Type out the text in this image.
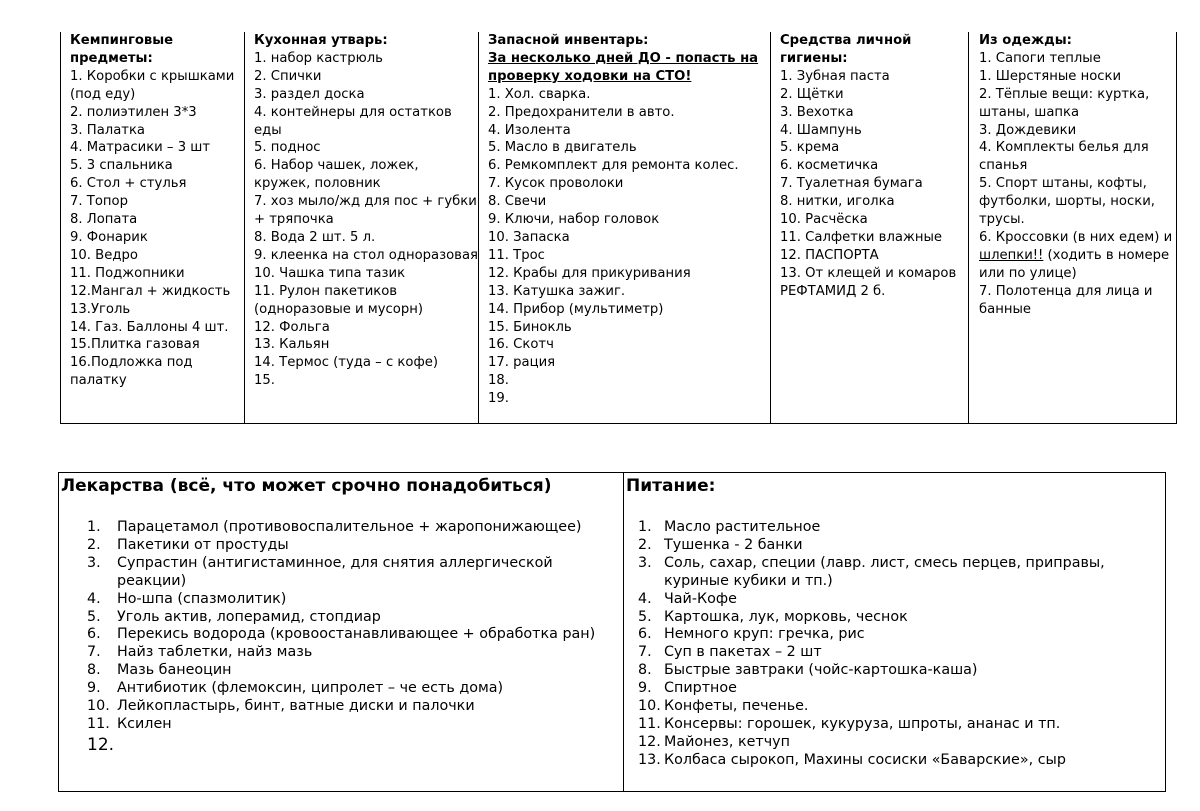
Кемпинговые предметы:
1. Коробки с крышками (под еду)
2. полиэтилен 3*3
3. Палатка
4. Матрасики – 3 шт
5. 3 спальника
6. Стол + стулья
7. Топор
8. Лопата
9. Фонарик
10. Ведро
11. Поджопники
12.Мангал + жидкость
13.Уголь
14. Газ. Баллоны 4 шт.
15.Плитка газовая
16.Подложка под палатку

Кухонная утварь:
1. набор кастрюль
2. Спички
3. раздел доска
4. контейнеры для остатков еды
5. поднос
6. Набор чашек, ложек, кружек, половник
7. хоз мыло/жд для пос + губки + тряпочка
8. Вода 2 шт. 5 л.
9. клеенка на стол одноразовая
10. Чашка типа тазик
11. Рулон пакетиков (одноразовые и мусорн)
12. Фольга
13. Кальян
14. Термос (туда – с кофе)
15.

Запасной инвентарь:
За несколько дней ДО - попасть на проверку ходовки на СТО!
1. Хол. сварка.
2. Предохранители в авто.
4. Изолента
5. Масло в двигатель
6. Ремкомплект для ремонта колес.
7. Кусок проволоки
8. Свечи
9. Ключи, набор головок
10. Запаска
11. Трос
12. Крабы для прикуривания
13. Катушка зажиг.
14. Прибор (мультиметр)
15. Бинокль
16. Скотч
17. рация
18.
19.

Средства личной гигиены:
1. Зубная паста
2. Щётки
3. Вехотка
4. Шампунь
5. крема
6. косметичка
7. Туалетная бумага
8. нитки, иголка
10. Расчёска
11. Салфетки влажные
12. ПАСПОРТА
13. От клещей и комаров РЕФТАМИД 2 б.

Из одежды:
1. Сапоги теплые
1. Шерстяные носки
2. Тёплые вещи: куртка, штаны, шапка
3. Дождевики
4. Комплекты белья для спанья
5. Спорт штаны, кофты, футболки, шорты, носки, трусы.
6. Кроссовки (в них едем) и шлепки!! (ходить в номере или по улице)
7. Полотенца для лица и банные
Лекарства (всё, что может срочно понадобиться)
1.	Парацетамол (противовоспалительное + жаропонижающее)
2.	Пакетики от простуды
3.	Супрастин (антигистаминное, для снятия аллергической реакции)
4.	Но-шпа (спазмолитик)
5.	Уголь актив, лоперамид, стопдиар
6.	Перекись водорода (кровоостанавливающее + обработка ран)
7.	Найз таблетки, найз мазь
8.	Мазь банеоцин
9.	Антибиотик (флемоксин, ципролет – че есть дома)
10. Лейкопластырь, бинт, ватные диски и палочки
11. Ксилен
12.
Питание:
1. Масло растительное
2. Тушенка - 2 банки
3. Соль, сахар, специи (лавр. лист, смесь перцев, приправы, куриные кубики и тп.)
4. Чай-Кофе
5. Картошка, лук, морковь, чеснок
6. Немного круп: гречка, рис
7. Суп в пакетах – 2 шт
8. Быстрые завтраки (чойс-картошка-каша)
9. Спиртное
10. Конфеты, печенье.
11. Консервы: горошек, кукуруза, шпроты, ананас и тп.
12. Майонез, кетчуп
13. Колбаса сырокоп, Махины сосиски «Баварские», сыр
